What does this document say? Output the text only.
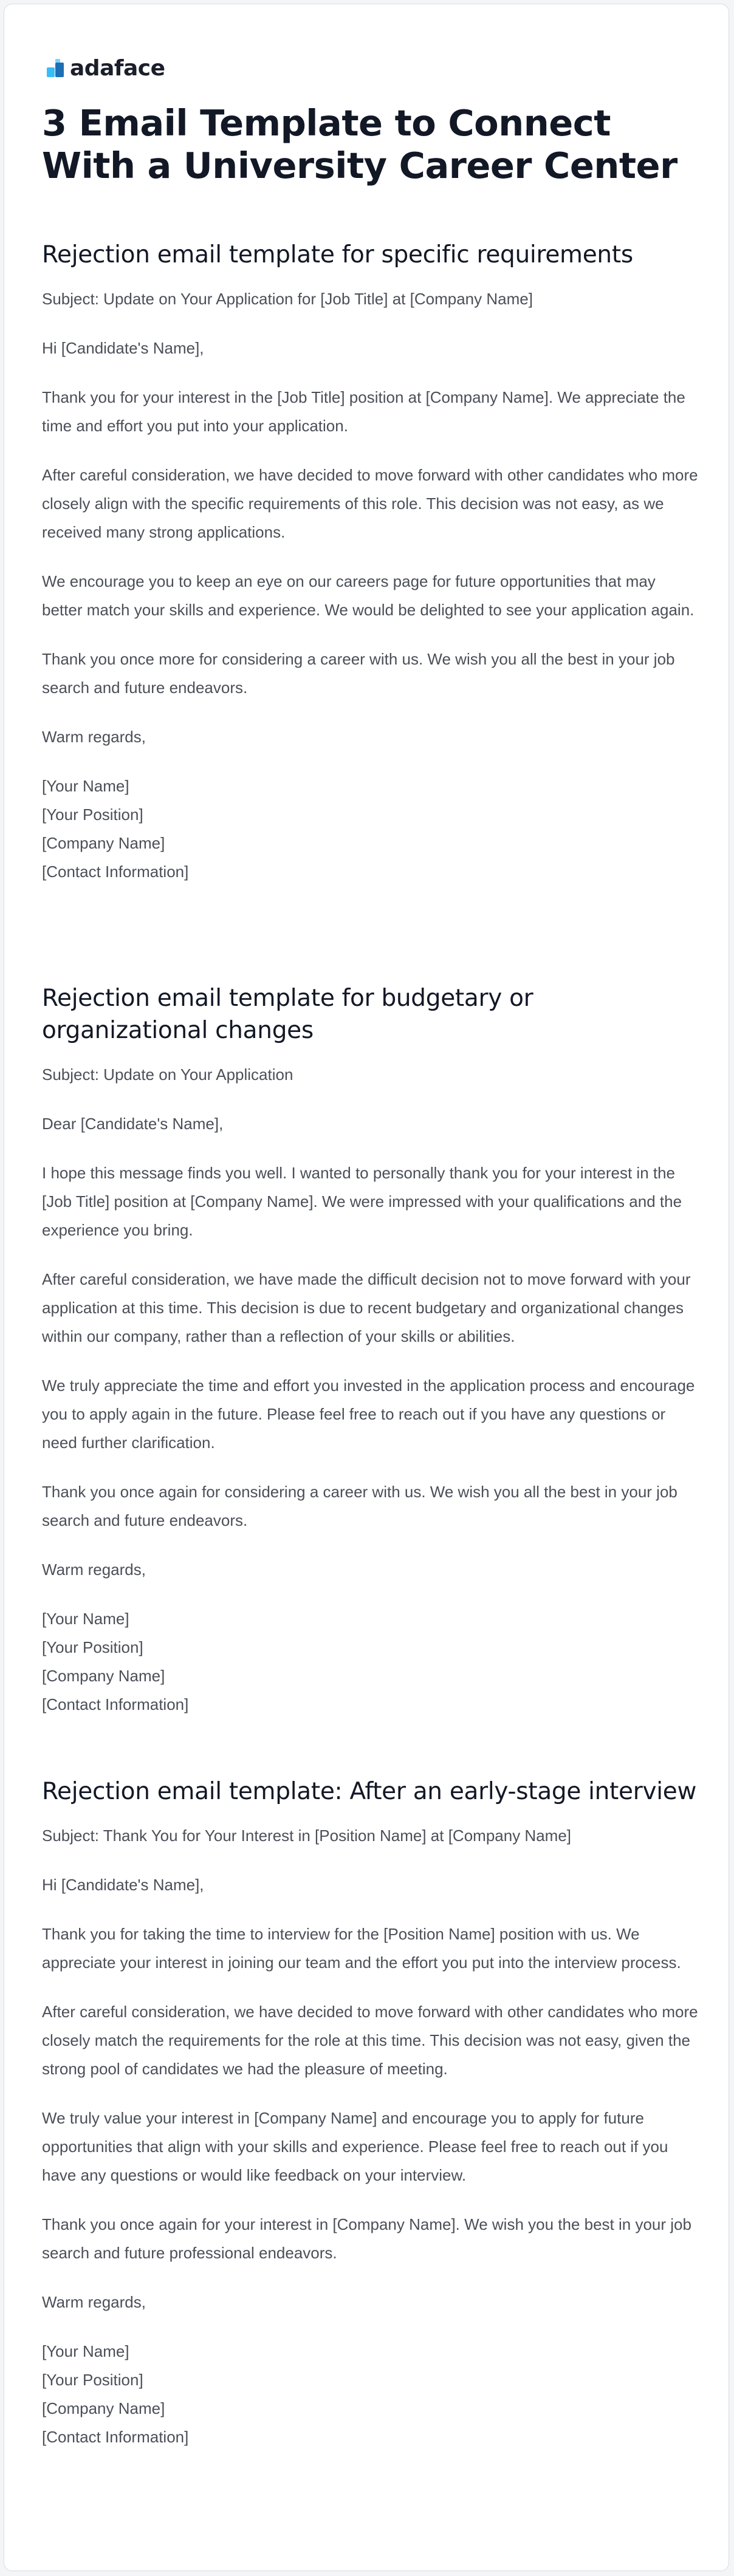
adaface
3 Email Template to Connect With a University Career Center
Rejection email template for specific requirements

Subject: Update on Your Application for [Job Title] at [Company Name]

Hi [Candidate's Name],

Thank you for your interest in the [Job Title] position at [Company Name]. We appreciate the time and effort you put into your application.

After careful consideration, we have decided to move forward with other candidates who more closely align with the specific requirements of this role. This decision was not easy, as we received many strong applications.

We encourage you to keep an eye on our careers page for future opportunities that may better match your skills and experience. We would be delighted to see your application again.

Thank you once more for considering a career with us. We wish you all the best in your job search and future endeavors.

Warm regards,

[Your Name]
[Your Position]
[Company Name]
[Contact Information]
Rejection email template for budgetary or organizational changes

Subject: Update on Your Application

Dear [Candidate's Name],

I hope this message finds you well. I wanted to personally thank you for your interest in the [Job Title] position at [Company Name]. We were impressed with your qualifications and the experience you bring.

After careful consideration, we have made the difficult decision not to move forward with your application at this time. This decision is due to recent budgetary and organizational changes within our company, rather than a reflection of your skills or abilities.

We truly appreciate the time and effort you invested in the application process and encourage you to apply again in the future. Please feel free to reach out if you have any questions or need further clarification.

Thank you once again for considering a career with us. We wish you all the best in your job search and future endeavors.

Warm regards,

[Your Name]
[Your Position]
[Company Name]
[Contact Information]
Rejection email template: After an early-stage interview

Subject: Thank You for Your Interest in [Position Name] at [Company Name]

Hi [Candidate's Name],

Thank you for taking the time to interview for the [Position Name] position with us. We appreciate your interest in joining our team and the effort you put into the interview process.

After careful consideration, we have decided to move forward with other candidates who more closely match the requirements for the role at this time. This decision was not easy, given the strong pool of candidates we had the pleasure of meeting.

We truly value your interest in [Company Name] and encourage you to apply for future opportunities that align with your skills and experience. Please feel free to reach out if you have any questions or would like feedback on your interview.

Thank you once again for your interest in [Company Name]. We wish you the best in your job search and future professional endeavors.

Warm regards,

[Your Name]
[Your Position]
[Company Name]
[Contact Information]
